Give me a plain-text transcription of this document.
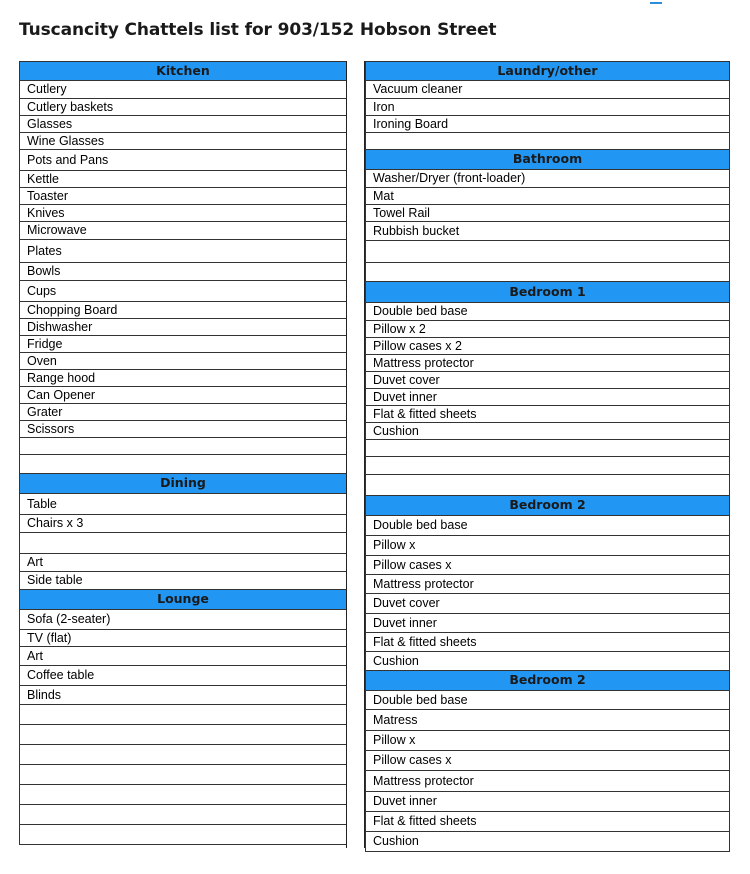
Tuscancity Chattels list for 903/152 Hobson Street
Kitchen
Cutlery
Cutlery baskets
Glasses
Wine Glasses
Pots and Pans
Kettle
Toaster
Knives
Microwave
Plates
Bowls
Cups
Chopping Board
Dishwasher
Fridge
Oven
Range hood
Can Opener
Grater
Scissors
Dining
Table
Chairs x 3
Art
Side table
Lounge
Sofa (2-seater)
TV (flat)
Art
Coffee table
Blinds
Laundry/other
Vacuum cleaner
Iron
Ironing Board
Bathroom
Washer/Dryer (front-loader)
Mat
Towel Rail
Rubbish bucket
Bedroom 1
Double bed base
Pillow x 2
Pillow cases x 2
Mattress protector
Duvet cover
Duvet inner
Flat & fitted sheets
Cushion
Bedroom 2
Double bed base
Pillow x
Pillow cases x
Mattress protector
Duvet cover
Duvet inner
Flat & fitted sheets
Cushion
Bedroom 2
Double bed base
Matress
Pillow x
Pillow cases x
Mattress protector
Duvet inner
Flat & fitted sheets
Cushion
